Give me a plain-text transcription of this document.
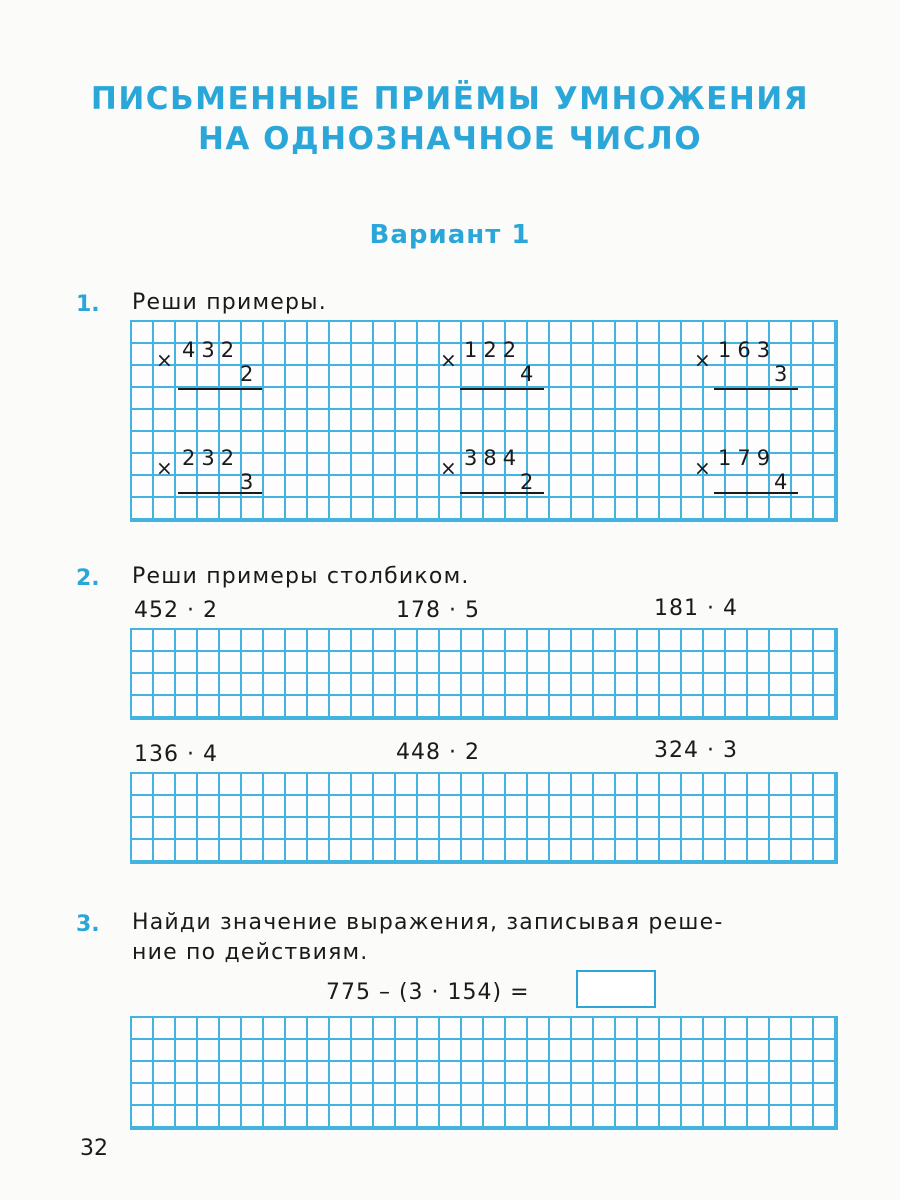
ПИСЬМЕННЫЕ ПРИЁМЫ УМНОЖЕНИЯ
НА ОДНОЗНАЧНОЕ ЧИСЛО
Вариант 1
1. Реши примеры.
× 432
2
× 122
4
× 163
3
× 232
3
× 384
2
× 179
4
2. Реши примеры столбиком.
452 · 2	178 · 5	181 · 4
136 · 4	448 · 2	324 · 3
3. Найди значение выражения, записывая реше-
ние по действиям.
775 – (3 · 154) =
32
